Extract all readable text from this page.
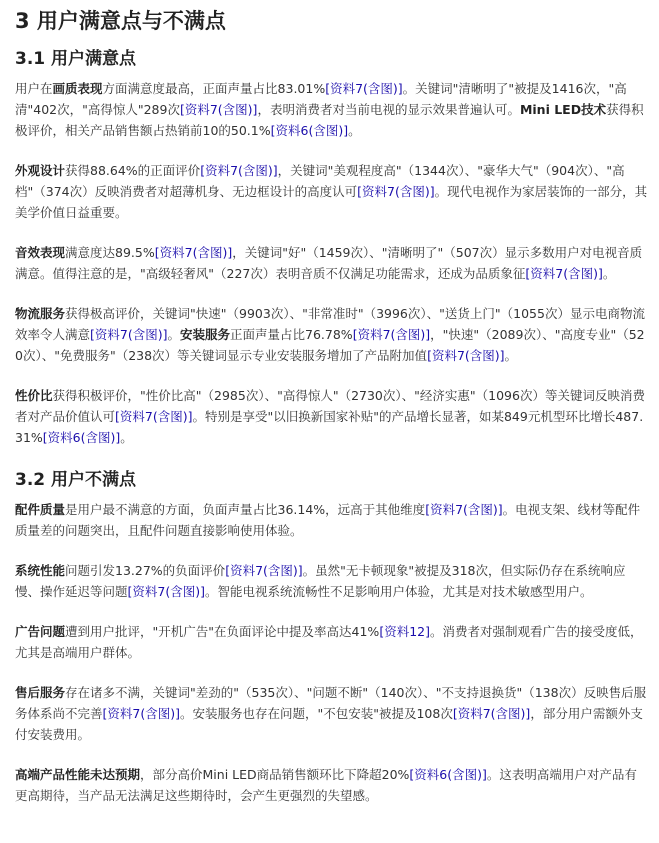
3 用户满意点与不满点
3.1 用户满意点

用户在画质表现方面满意度最高，正面声量占比83.01%[资料7(含图)]。关键词"清晰明了"被提及1416次，"高清"402次，"高得惊人"289次[资料7(含图)]，表明消费者对当前电视的显示效果普遍认可。Mini LED技术获得积极评价，相关产品销售额占热销前10的50.1%[资料6(含图)]。

外观设计获得88.64%的正面评价[资料7(含图)]，关键词"美观程度高"（1344次）、"豪华大气"（904次）、"高档"（374次）反映消费者对超薄机身、无边框设计的高度认可[资料7(含图)]。现代电视作为家居装饰的一部分，其美学价值日益重要。

音效表现满意度达89.5%[资料7(含图)]，关键词"好"（1459次）、"清晰明了"（507次）显示多数用户对电视音质满意。值得注意的是，"高级轻奢风"（227次）表明音质不仅满足功能需求，还成为品质象征[资料7(含图)]。

物流服务获得极高评价，关键词"快速"（9903次）、"非常准时"（3996次）、"送货上门"（1055次）显示电商物流效率令人满意[资料7(含图)]。安装服务正面声量占比76.78%[资料7(含图)]，"快速"（2089次）、"高度专业"（520次）、"免费服务"（238次）等关键词显示专业安装服务增加了产品附加值[资料7(含图)]。

性价比获得积极评价，"性价比高"（2985次）、"高得惊人"（2730次）、"经济实惠"（1096次）等关键词反映消费者对产品价值认可[资料7(含图)]。特别是享受"以旧换新国家补贴"的产品增长显著，如某849元机型环比增长487.31%[资料6(含图)]。

3.2 用户不满点

配件质量是用户最不满意的方面，负面声量占比36.14%，远高于其他维度[资料7(含图)]。电视支架、线材等配件质量差的问题突出，且配件问题直接影响使用体验。

系统性能问题引发13.27%的负面评价[资料7(含图)]。虽然"无卡顿现象"被提及318次，但实际仍存在系统响应慢、操作延迟等问题[资料7(含图)]。智能电视系统流畅性不足影响用户体验，尤其是对技术敏感型用户。

广告问题遭到用户批评，"开机广告"在负面评论中提及率高达41%[资料12]。消费者对强制观看广告的接受度低，尤其是高端用户群体。

售后服务存在诸多不满，关键词"差劲的"（535次）、"问题不断"（140次）、"不支持退换货"（138次）反映售后服务体系尚不完善[资料7(含图)]。安装服务也存在问题，"不包安装"被提及108次[资料7(含图)]，部分用户需额外支付安装费用。

高端产品性能未达预期，部分高价Mini LED商品销售额环比下降超20%[资料6(含图)]。这表明高端用户对产品有更高期待，当产品无法满足这些期待时，会产生更强烈的失望感。
